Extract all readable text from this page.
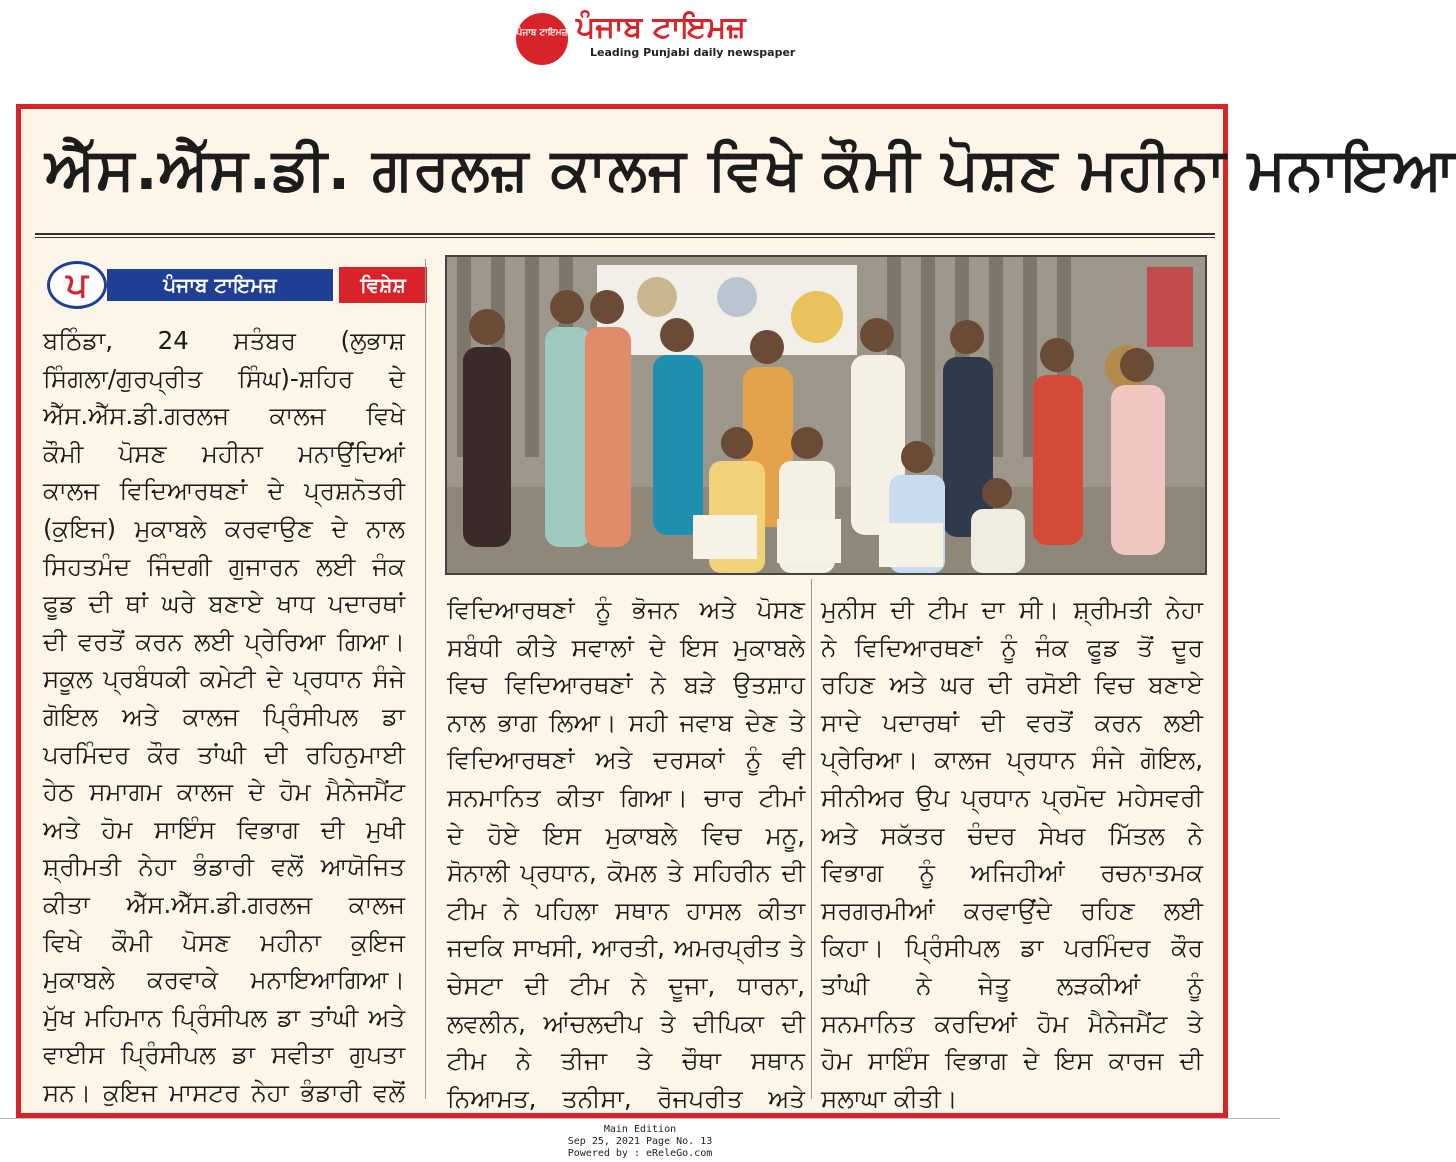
ਪੰਜਾਬ ਟਾਇਮਜ਼ ਪੰਜਾਬ ਟਾਇਮਜ਼
Leading Punjabi daily newspaper
ਐੱਸ.ਐੱਸ.ਡੀ. ਗਰਲਜ਼ ਕਾਲਜ ਵਿਖੇ ਕੌਮੀ ਪੋਸ਼ਣ ਮਹੀਨਾ ਮਨਾਇਆ
ਪ	ਪੰਜਾਬ ਟਾਇਮਜ਼	ਵਿਸ਼ੇਸ਼

ਬਠਿੰਡਾ, 24 ਸਤੰਬਰ (ਲੁਭਾਸ਼

ਸਿੰਗਲਾ/ਗੁਰਪ੍ਰੀਤ ਸਿੰਘ)-ਸ਼ਹਿਰ ਦੇ

ਐੱਸ.ਐੱਸ.ਡੀ.ਗਰਲਜ ਕਾਲਜ ਵਿਖੇ

ਕੌਮੀ ਪੋਸਣ ਮਹੀਨਾ ਮਨਾਉਂਦਿਆਂ

ਕਾਲਜ ਵਿਦਿਆਰਥਣਾਂ ਦੇ ਪ੍ਰਸ਼ਨੋਤਰੀ

(ਕੁਇਜ) ਮੁਕਾਬਲੇ ਕਰਵਾਉਣ ਦੇ ਨਾਲ

ਸਿਹਤਮੰਦ ਜਿੰਦਗੀ ਗੁਜਾਰਨ ਲਈ ਜੰਕ

ਫੂਡ ਦੀ ਥਾਂ ਘਰੇ ਬਣਾਏ ਖਾਧ ਪਦਾਰਥਾਂ

ਦੀ ਵਰਤੋਂ ਕਰਨ ਲਈ ਪ੍ਰੇਰਿਆ ਗਿਆ।

ਸਕੂਲ ਪ੍ਰਬੰਧਕੀ ਕਮੇਟੀ ਦੇ ਪ੍ਰਧਾਨ ਸੰਜੇ

ਗੋਇਲ ਅਤੇ ਕਾਲਜ ਪ੍ਰਿੰਸੀਪਲ ਡਾ

ਪਰਮਿੰਦਰ ਕੌਰ ਤਾਂਘੀ ਦੀ ਰਹਿਨੁਮਾਈ

ਹੇਠ ਸਮਾਗਮ ਕਾਲਜ ਦੇ ਹੋਮ ਮੈਨੇਜਮੈਂਟ

ਅਤੇ ਹੋਮ ਸਾਇੰਸ ਵਿਭਾਗ ਦੀ ਮੁਖੀ

ਸ਼੍ਰੀਮਤੀ ਨੇਹਾ ਭੰਡਾਰੀ ਵਲੋਂ ਆਯੋਜਿਤ

ਕੀਤਾ ਐੱਸ.ਐੱਸ.ਡੀ.ਗਰਲਜ ਕਾਲਜ

ਵਿਖੇ ਕੌਮੀ ਪੋਸਣ ਮਹੀਨਾ ਕੁਇਜ

ਮੁਕਾਬਲੇ ਕਰਵਾਕੇ ਮਨਾਇਆਗਿਆ।

ਮੁੱਖ ਮਹਿਮਾਨ ਪ੍ਰਿੰਸੀਪਲ ਡਾ ਤਾਂਘੀ ਅਤੇ

ਵਾਈਸ ਪ੍ਰਿੰਸੀਪਲ ਡਾ ਸਵੀਤਾ ਗੁਪਤਾ

ਸਨ। ਕੁਇਜ ਮਾਸਟਰ ਨੇਹਾ ਭੰਡਾਰੀ ਵਲੋਂ

ਵਿਦਿਆਰਥਣਾਂ ਨੂੰ ਭੋਜਨ ਅਤੇ ਪੋਸਣ

ਸਬੰਧੀ ਕੀਤੇ ਸਵਾਲਾਂ ਦੇ ਇਸ ਮੁਕਾਬਲੇ

ਵਿਚ ਵਿਦਿਆਰਥਣਾਂ ਨੇ ਬੜੇ ਉਤਸ਼ਾਹ

ਨਾਲ ਭਾਗ ਲਿਆ। ਸਹੀ ਜਵਾਬ ਦੇਣ ਤੇ

ਵਿਦਿਆਰਥਣਾਂ ਅਤੇ ਦਰਸਕਾਂ ਨੂੰ ਵੀ

ਸਨਮਾਨਿਤ ਕੀਤਾ ਗਿਆ। ਚਾਰ ਟੀਮਾਂ

ਦੇ ਹੋਏ ਇਸ ਮੁਕਾਬਲੇ ਵਿਚ ਮਨੂ,

ਸੋਨਾਲੀ ਪ੍ਰਧਾਨ, ਕੋਮਲ ਤੇ ਸਹਿਰੀਨ ਦੀ

ਟੀਮ ਨੇ ਪਹਿਲਾ ਸਥਾਨ ਹਾਸਲ ਕੀਤਾ

ਜਦਕਿ ਸਾਖਸੀ, ਆਰਤੀ, ਅਮਰਪ੍ਰੀਤ ਤੇ

ਚੇਸਟਾ ਦੀ ਟੀਮ ਨੇ ਦੂਜਾ, ਧਾਰਨਾ,

ਲਵਲੀਨ, ਆਂਚਲਦੀਪ ਤੇ ਦੀਪਿਕਾ ਦੀ

ਟੀਮ ਨੇ ਤੀਜਾ ਤੇ ਚੌਥਾ ਸਥਾਨ

ਨਿਆਮਤ, ਤਨੀਸਾ, ਰੋਜਪਰੀਤ ਅਤੇ

ਮੁਨੀਸ ਦੀ ਟੀਮ ਦਾ ਸੀ। ਸ਼੍ਰੀਮਤੀ ਨੇਹਾ

ਨੇ ਵਿਦਿਆਰਥਣਾਂ ਨੂੰ ਜੰਕ ਫੂਡ ਤੋਂ ਦੂਰ

ਰਹਿਣ ਅਤੇ ਘਰ ਦੀ ਰਸੋਈ ਵਿਚ ਬਣਾਏ

ਸਾਦੇ ਪਦਾਰਥਾਂ ਦੀ ਵਰਤੋਂ ਕਰਨ ਲਈ

ਪ੍ਰੇਰਿਆ। ਕਾਲਜ ਪ੍ਰਧਾਨ ਸੰਜੇ ਗੋਇਲ,

ਸੀਨੀਅਰ ਉਪ ਪ੍ਰਧਾਨ ਪ੍ਰਮੋਦ ਮਹੇਸਵਰੀ

ਅਤੇ ਸਕੱਤਰ ਚੰਦਰ ਸੇਖਰ ਮਿੱਤਲ ਨੇ

ਵਿਭਾਗ ਨੂੰ ਅਜਿਹੀਆਂ ਰਚਨਾਤਮਕ

ਸਰਗਰਮੀਆਂ ਕਰਵਾਉਂਦੇ ਰਹਿਣ ਲਈ

ਕਿਹਾ। ਪ੍ਰਿੰਸੀਪਲ ਡਾ ਪਰਮਿੰਦਰ ਕੌਰ

ਤਾਂਘੀ ਨੇ ਜੇਤੂ ਲੜਕੀਆਂ ਨੂੰ

ਸਨਮਾਨਿਤ ਕਰਦਿਆਂ ਹੋਮ ਮੈਨੇਜਮੈਂਟ ਤੇ

ਹੋਮ ਸਾਇੰਸ ਵਿਭਾਗ ਦੇ ਇਸ ਕਾਰਜ ਦੀ

ਸਲਾਘਾ ਕੀਤੀ।

Main Edition
Sep 25, 2021 Page No. 13
Powered by : eReleGo.com
